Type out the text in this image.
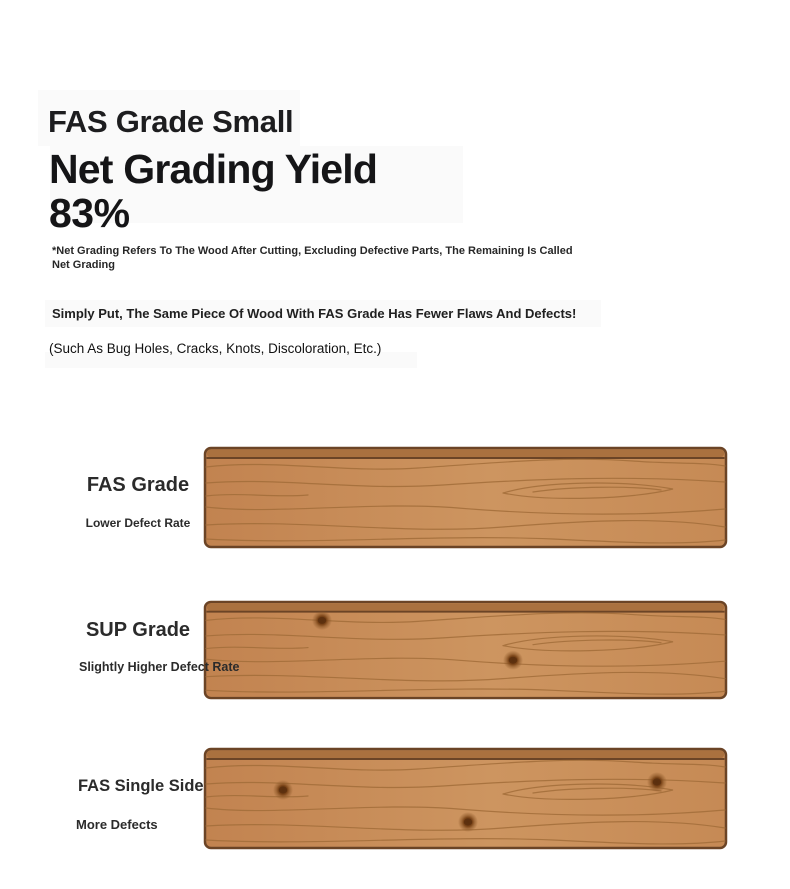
FAS Grade Small
Net Grading Yield
83%
*Net Grading Refers To The Wood After Cutting, Excluding Defective Parts, The Remaining Is Called Net Grading
Simply Put, The Same Piece Of Wood With FAS Grade Has Fewer Flaws And Defects!
(Such As Bug Holes, Cracks, Knots, Discoloration, Etc.)
FAS Grade
Lower Defect Rate
SUP Grade
Slightly Higher Defect Rate
FAS Single Side
More Defects
